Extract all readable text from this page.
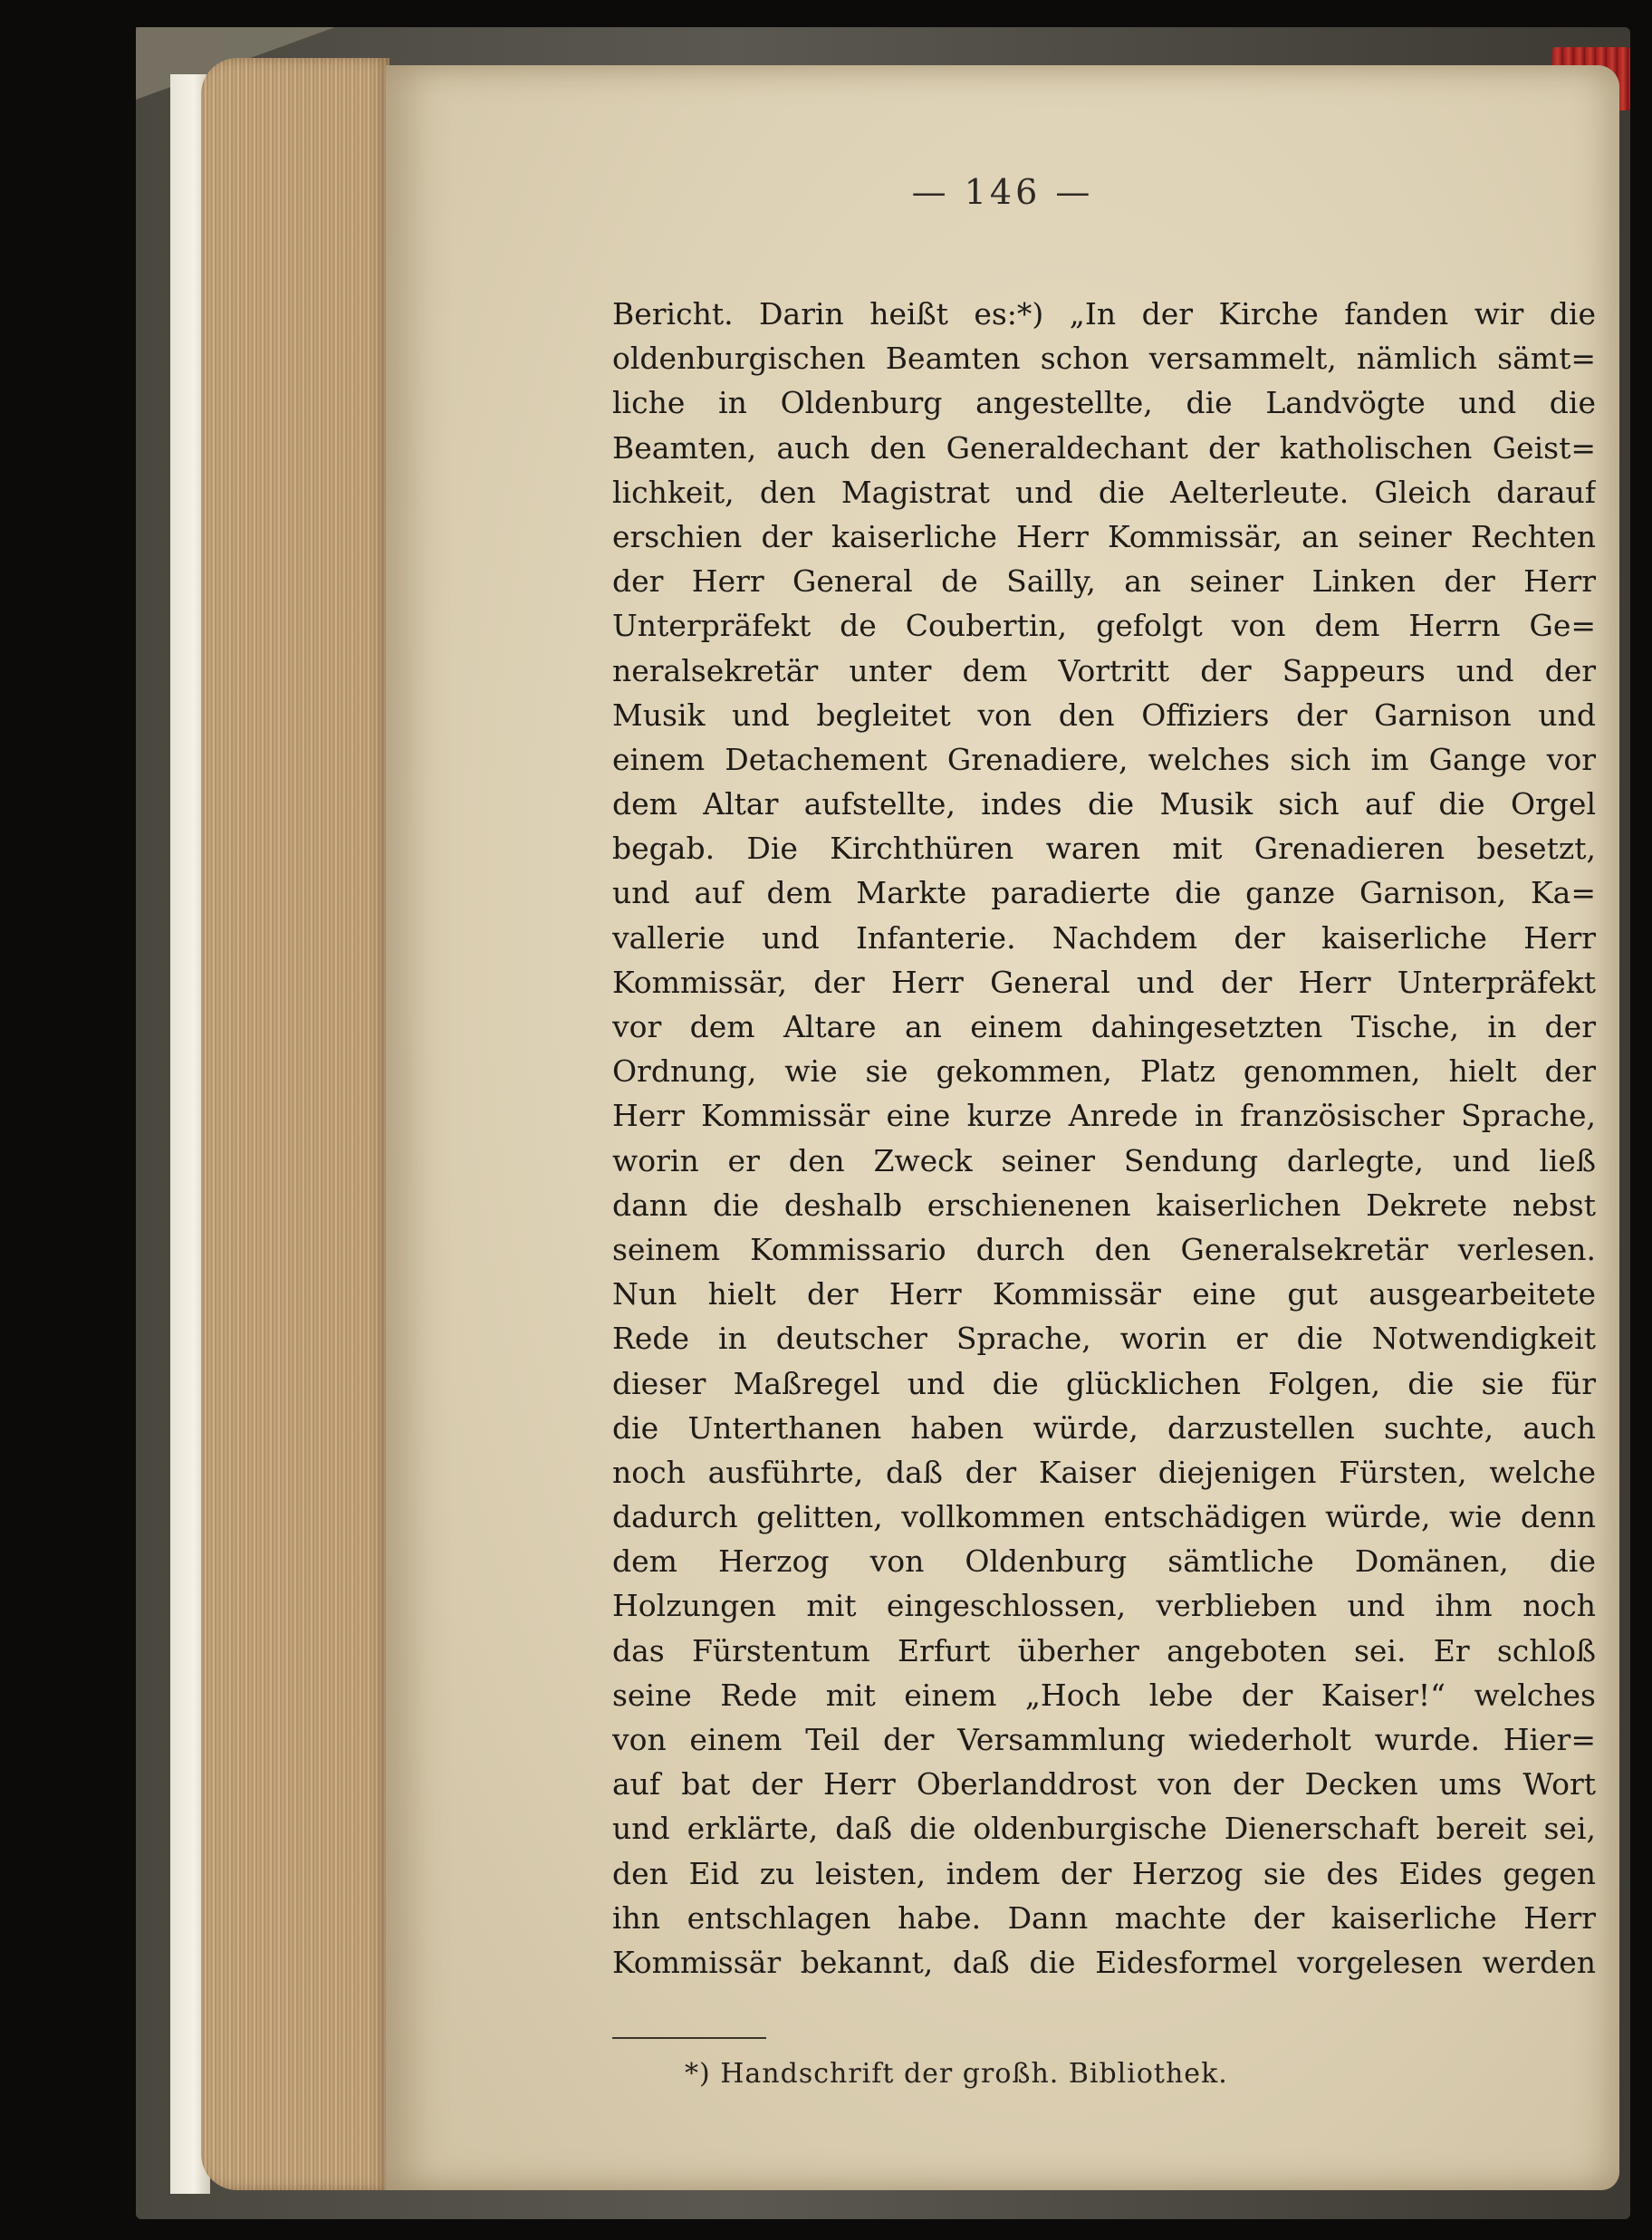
— 146 —
Bericht. Darin heißt es:*) „In der Kirche fanden wir die
oldenburgischen Beamten schon versammelt, nämlich sämt=
liche in Oldenburg angestellte, die Landvögte und die
Beamten, auch den Generaldechant der katholischen Geist=
lichkeit, den Magistrat und die Aelterleute. Gleich darauf
erschien der kaiserliche Herr Kommissär, an seiner Rechten
der Herr General de Sailly, an seiner Linken der Herr
Unterpräfekt de Coubertin, gefolgt von dem Herrn Ge=
neralsekretär unter dem Vortritt der Sappeurs und der
Musik und begleitet von den Offiziers der Garnison und
einem Detachement Grenadiere, welches sich im Gange vor
dem Altar aufstellte, indes die Musik sich auf die Orgel
begab. Die Kirchthüren waren mit Grenadieren besetzt,
und auf dem Markte paradierte die ganze Garnison, Ka=
vallerie und Infanterie. Nachdem der kaiserliche Herr
Kommissär, der Herr General und der Herr Unterpräfekt
vor dem Altare an einem dahingesetzten Tische, in der
Ordnung, wie sie gekommen, Platz genommen, hielt der
Herr Kommissär eine kurze Anrede in französischer Sprache,
worin er den Zweck seiner Sendung darlegte, und ließ
dann die deshalb erschienenen kaiserlichen Dekrete nebst
seinem Kommissario durch den Generalsekretär verlesen.
Nun hielt der Herr Kommissär eine gut ausgearbeitete
Rede in deutscher Sprache, worin er die Notwendigkeit
dieser Maßregel und die glücklichen Folgen, die sie für
die Unterthanen haben würde, darzustellen suchte, auch
noch ausführte, daß der Kaiser diejenigen Fürsten, welche
dadurch gelitten, vollkommen entschädigen würde, wie denn
dem Herzog von Oldenburg sämtliche Domänen, die
Holzungen mit eingeschlossen, verblieben und ihm noch
das Fürstentum Erfurt überher angeboten sei. Er schloß
seine Rede mit einem „Hoch lebe der Kaiser!“ welches
von einem Teil der Versammlung wiederholt wurde. Hier=
auf bat der Herr Oberlanddrost von der Decken ums Wort
und erklärte, daß die oldenburgische Dienerschaft bereit sei,
den Eid zu leisten, indem der Herzog sie des Eides gegen
ihn entschlagen habe. Dann machte der kaiserliche Herr
Kommissär bekannt, daß die Eidesformel vorgelesen werden
*) Handschrift der großh. Bibliothek.
